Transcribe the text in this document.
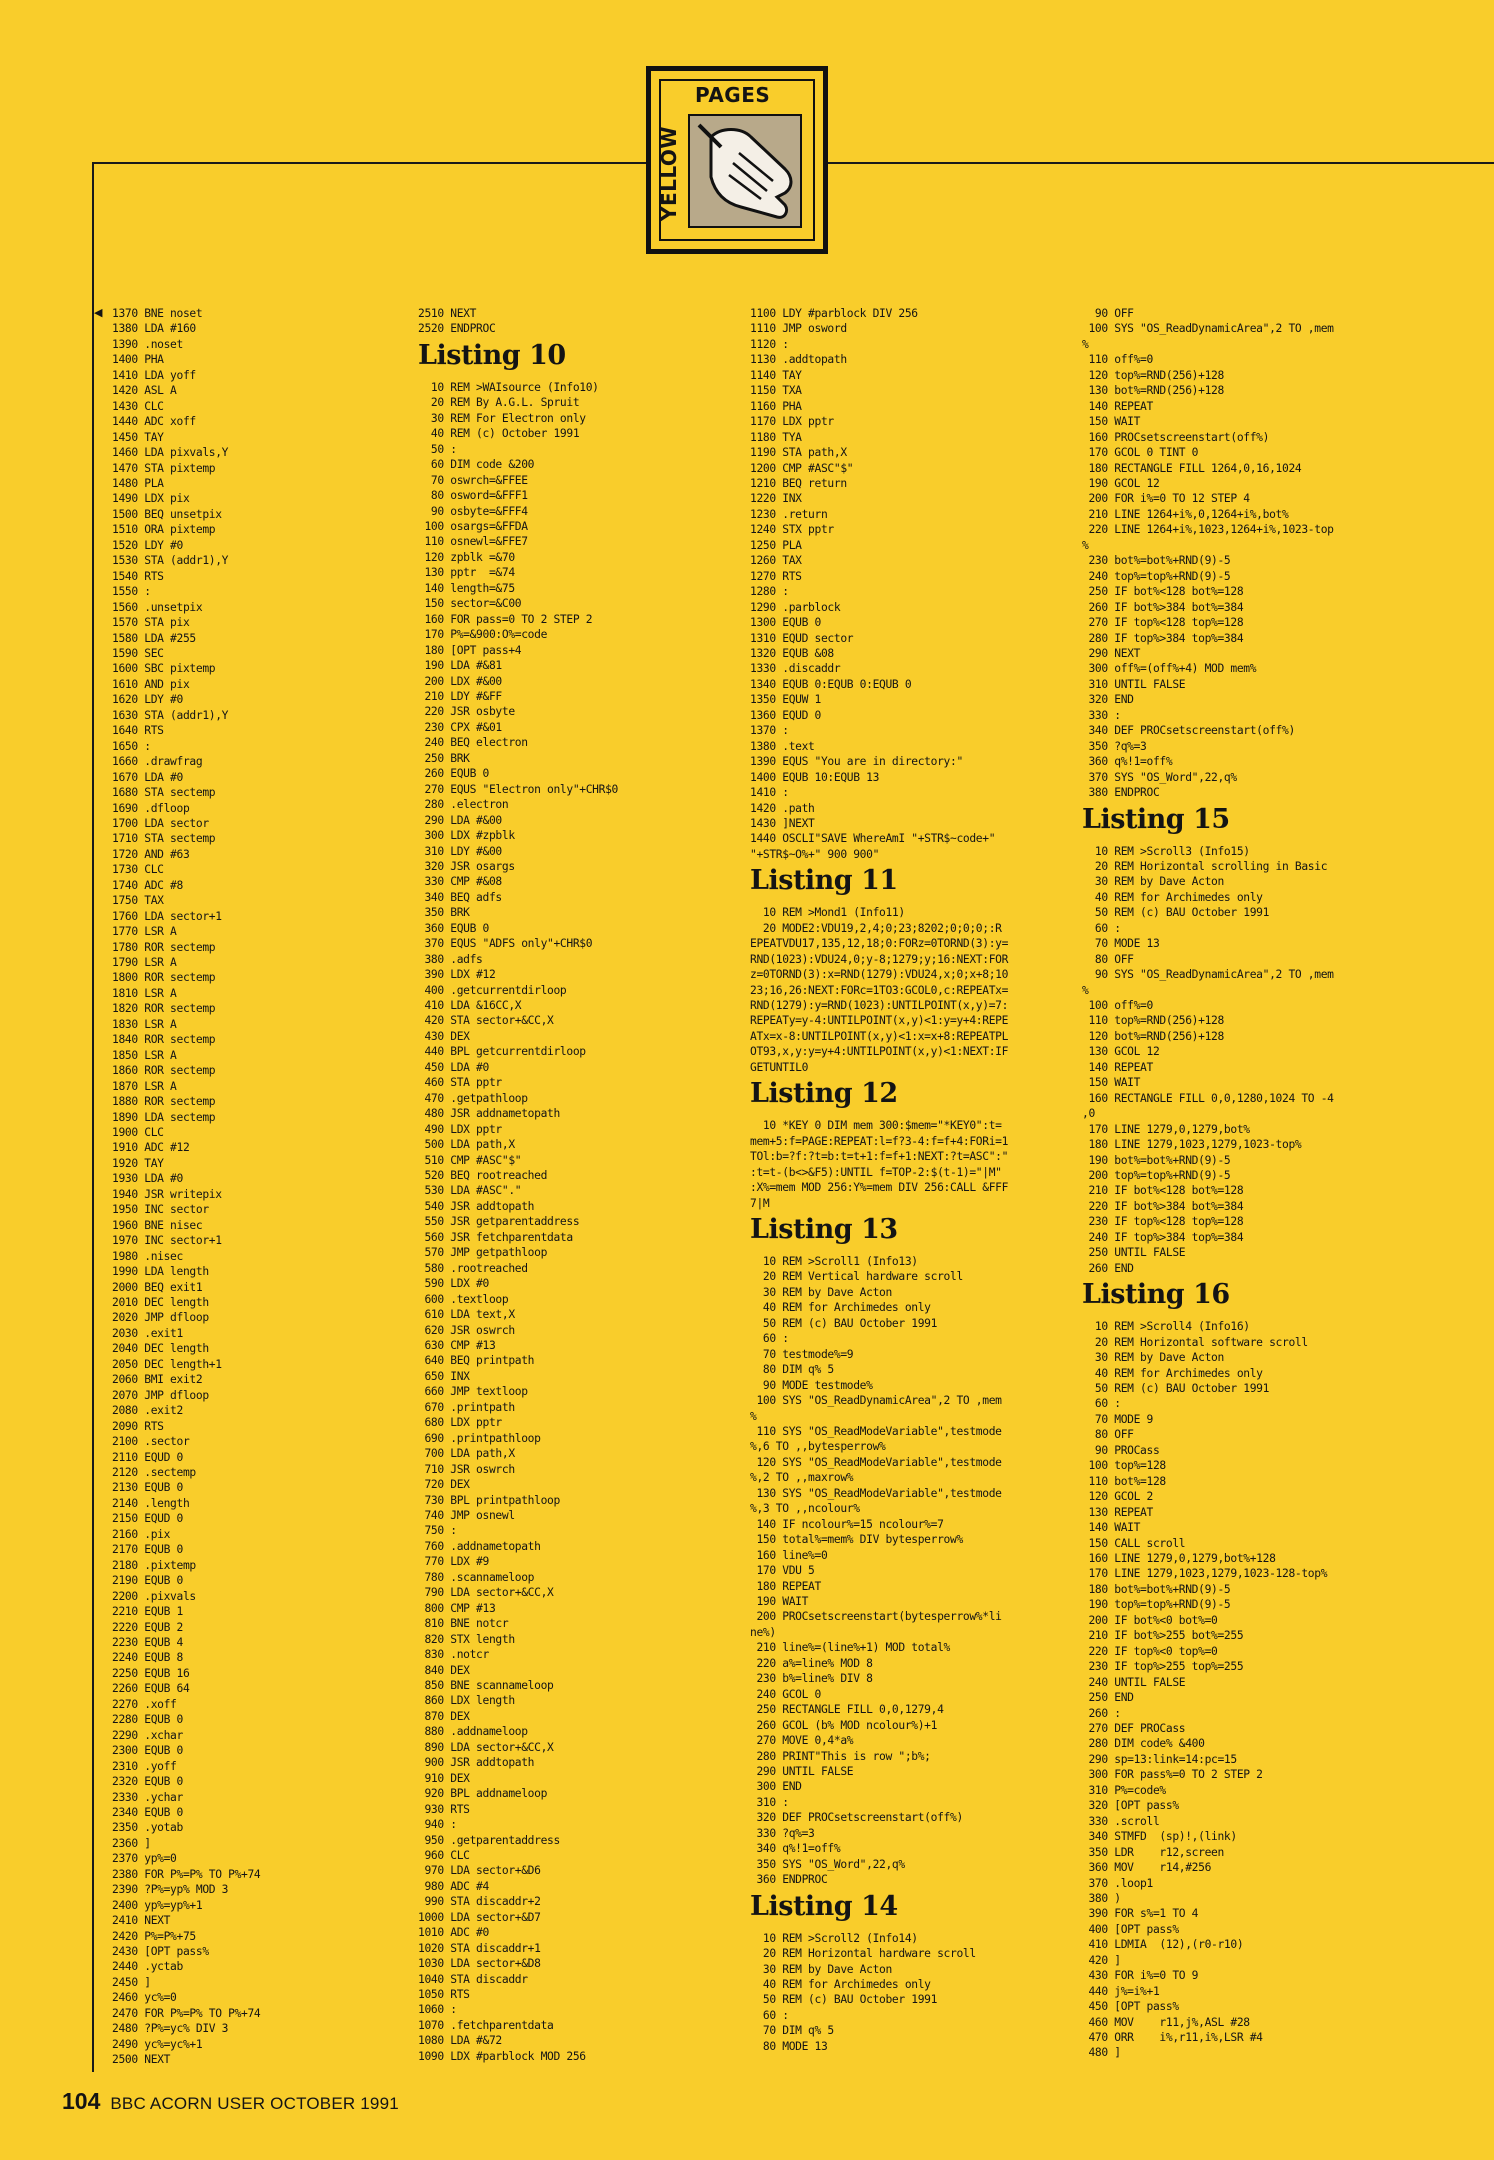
PAGES
YELLOW
◀ 1370 BNE noset
1380 LDA #160
1390 .noset
1400 PHA
1410 LDA yoff
1420 ASL A
1430 CLC
1440 ADC xoff
1450 TAY
1460 LDA pixvals,Y
1470 STA pixtemp
1480 PLA
1490 LDX pix
1500 BEQ unsetpix
1510 ORA pixtemp
1520 LDY #0
1530 STA (addr1),Y
1540 RTS
1550 :
1560 .unsetpix
1570 STA pix
1580 LDA #255
1590 SEC
1600 SBC pixtemp
1610 AND pix
1620 LDY #0
1630 STA (addr1),Y
1640 RTS
1650 :
1660 .drawfrag
1670 LDA #0
1680 STA sectemp
1690 .dfloop
1700 LDA sector
1710 STA sectemp
1720 AND #63
1730 CLC
1740 ADC #8
1750 TAX
1760 LDA sector+1
1770 LSR A
1780 ROR sectemp
1790 LSR A
1800 ROR sectemp
1810 LSR A
1820 ROR sectemp
1830 LSR A
1840 ROR sectemp
1850 LSR A
1860 ROR sectemp
1870 LSR A
1880 ROR sectemp
1890 LDA sectemp
1900 CLC
1910 ADC #12
1920 TAY
1930 LDA #0
1940 JSR writepix
1950 INC sector
1960 BNE nisec
1970 INC sector+1
1980 .nisec
1990 LDA length
2000 BEQ exit1
2010 DEC length
2020 JMP dfloop
2030 .exit1
2040 DEC length
2050 DEC length+1
2060 BMI exit2
2070 JMP dfloop
2080 .exit2
2090 RTS
2100 .sector
2110 EQUD 0
2120 .sectemp
2130 EQUB 0
2140 .length
2150 EQUD 0
2160 .pix
2170 EQUB 0
2180 .pixtemp
2190 EQUB 0
2200 .pixvals
2210 EQUB 1
2220 EQUB 2
2230 EQUB 4
2240 EQUB 8
2250 EQUB 16
2260 EQUB 64
2270 .xoff
2280 EQUB 0
2290 .xchar
2300 EQUB 0
2310 .yoff
2320 EQUB 0
2330 .ychar
2340 EQUB 0
2350 .yotab
2360 ]
2370 yp%=0
2380 FOR P%=P% TO P%+74
2390 ?P%=yp% MOD 3
2400 yp%=yp%+1
2410 NEXT
2420 P%=P%+75
2430 [OPT pass%
2440 .yctab
2450 ]
2460 yc%=0
2470 FOR P%=P% TO P%+74
2480 ?P%=yc% DIV 3
2490 yc%=yc%+1
2500 NEXT
2510 NEXT
2520 ENDPROC
Listing 10
10 REM >WAIsource (Info10)
20 REM By A.G.L. Spruit
30 REM For Electron only
40 REM (c) October 1991
50 :
60 DIM code &200
70 oswrch=&FFEE
80 osword=&FFF1
90 osbyte=&FFF4
100 osargs=&FFDA
110 osnewl=&FFE7
120 zpblk =&70
130 pptr  =&74
140 length=&75
150 sector=&C00
160 FOR pass=0 TO 2 STEP 2
170 P%=&900:O%=code
180 [OPT pass+4
190 LDA #&81
200 LDX #&00
210 LDY #&FF
220 JSR osbyte
230 CPX #&01
240 BEQ electron
250 BRK
260 EQUB 0
270 EQUS "Electron only"+CHR$0
280 .electron
290 LDA #&00
300 LDX #zpblk
310 LDY #&00
320 JSR osargs
330 CMP #&08
340 BEQ adfs
350 BRK
360 EQUB 0
370 EQUS "ADFS only"+CHR$0
380 .adfs
390 LDX #12
400 .getcurrentdirloop
410 LDA &16CC,X
420 STA sector+&CC,X
430 DEX
440 BPL getcurrentdirloop
450 LDA #0
460 STA pptr
470 .getpathloop
480 JSR addnametopath
490 LDX pptr
500 LDA path,X
510 CMP #ASC"$"
520 BEQ rootreached
530 LDA #ASC"."
540 JSR addtopath
550 JSR getparentaddress
560 JSR fetchparentdata
570 JMP getpathloop
580 .rootreached
590 LDX #0
600 .textloop
610 LDA text,X
620 JSR oswrch
630 CMP #13
640 BEQ printpath
650 INX
660 JMP textloop
670 .printpath
680 LDX pptr
690 .printpathloop
700 LDA path,X
710 JSR oswrch
720 DEX
730 BPL printpathloop
740 JMP osnewl
750 :
760 .addnametopath
770 LDX #9
780 .scannameloop
790 LDA sector+&CC,X
800 CMP #13
810 BNE notcr
820 STX length
830 .notcr
840 DEX
850 BNE scannameloop
860 LDX length
870 DEX
880 .addnameloop
890 LDA sector+&CC,X
900 JSR addtopath
910 DEX
920 BPL addnameloop
930 RTS
940 :
950 .getparentaddress
960 CLC
970 LDA sector+&D6
980 ADC #4
990 STA discaddr+2
1000 LDA sector+&D7
1010 ADC #0
1020 STA discaddr+1
1030 LDA sector+&D8
1040 STA discaddr
1050 RTS
1060 :
1070 .fetchparentdata
1080 LDA #&72
1090 LDX #parblock MOD 256
1100 LDY #parblock DIV 256
1110 JMP osword
1120 :
1130 .addtopath
1140 TAY
1150 TXA
1160 PHA
1170 LDX pptr
1180 TYA
1190 STA path,X
1200 CMP #ASC"$"
1210 BEQ return
1220 INX
1230 .return
1240 STX pptr
1250 PLA
1260 TAX
1270 RTS
1280 :
1290 .parblock
1300 EQUB 0
1310 EQUD sector
1320 EQUB &08
1330 .discaddr
1340 EQUB 0:EQUB 0:EQUB 0
1350 EQUW 1
1360 EQUD 0
1370 :
1380 .text
1390 EQUS "You are in directory:"
1400 EQUB 10:EQUB 13
1410 :
1420 .path
1430 ]NEXT
1440 OSCLI"SAVE WhereAmI "+STR$~code+"
"+STR$~O%+" 900 900"
Listing 11
10 REM >Mond1 (Info11)
20 MODE2:VDU19,2,4;0;23;8202;0;0;0;:R
EPEATVDU17,135,12,18;0:FORz=0TORND(3):y=
RND(1023):VDU24,0;y-8;1279;y;16:NEXT:FOR
z=0TORND(3):x=RND(1279):VDU24,x;0;x+8;10
23;16,26:NEXT:FORc=1TO3:GCOL0,c:REPEATx=
RND(1279):y=RND(1023):UNTILPOINT(x,y)=7:
REPEATy=y-4:UNTILPOINT(x,y)<1:y=y+4:REPE
ATx=x-8:UNTILPOINT(x,y)<1:x=x+8:REPEATPL
OT93,x,y:y=y+4:UNTILPOINT(x,y)<1:NEXT:IF
GETUNTIL0
Listing 12
10 *KEY 0 DIM mem 300:$mem="*KEY0":t=
mem+5:f=PAGE:REPEAT:l=f?3-4:f=f+4:FORi=1
TOl:b=?f:?t=b:t=t+1:f=f+1:NEXT:?t=ASC":"
:t=t-(b<>&F5):UNTIL f=TOP-2:$(t-1)="|M"
:X%=mem MOD 256:Y%=mem DIV 256:CALL &FFF
7|M
Listing 13
10 REM >Scroll1 (Info13)
20 REM Vertical hardware scroll
30 REM by Dave Acton
40 REM for Archimedes only
50 REM (c) BAU October 1991
60 :
70 testmode%=9
80 DIM q% 5
90 MODE testmode%
100 SYS "OS_ReadDynamicArea",2 TO ,mem
%
110 SYS "OS_ReadModeVariable",testmode
%,6 TO ,,bytesperrow%
120 SYS "OS_ReadModeVariable",testmode
%,2 TO ,,maxrow%
130 SYS "OS_ReadModeVariable",testmode
%,3 TO ,,ncolour%
140 IF ncolour%=15 ncolour%=7
150 total%=mem% DIV bytesperrow%
160 line%=0
170 VDU 5
180 REPEAT
190 WAIT
200 PROCsetscreenstart(bytesperrow%*li
ne%)
210 line%=(line%+1) MOD total%
220 a%=line% MOD 8
230 b%=line% DIV 8
240 GCOL 0
250 RECTANGLE FILL 0,0,1279,4
260 GCOL (b% MOD ncolour%)+1
270 MOVE 0,4*a%
280 PRINT"This is row ";b%;
290 UNTIL FALSE
300 END
310 :
320 DEF PROCsetscreenstart(off%)
330 ?q%=3
340 q%!1=off%
350 SYS "OS_Word",22,q%
360 ENDPROC
Listing 14
10 REM >Scroll2 (Info14)
20 REM Horizontal hardware scroll
30 REM by Dave Acton
40 REM for Archimedes only
50 REM (c) BAU October 1991
60 :
70 DIM q% 5
80 MODE 13
90 OFF
100 SYS "OS_ReadDynamicArea",2 TO ,mem
%
110 off%=0
120 top%=RND(256)+128
130 bot%=RND(256)+128
140 REPEAT
150 WAIT
160 PROCsetscreenstart(off%)
170 GCOL 0 TINT 0
180 RECTANGLE FILL 1264,0,16,1024
190 GCOL 12
200 FOR i%=0 TO 12 STEP 4
210 LINE 1264+i%,0,1264+i%,bot%
220 LINE 1264+i%,1023,1264+i%,1023-top
%
230 bot%=bot%+RND(9)-5
240 top%=top%+RND(9)-5
250 IF bot%<128 bot%=128
260 IF bot%>384 bot%=384
270 IF top%<128 top%=128
280 IF top%>384 top%=384
290 NEXT
300 off%=(off%+4) MOD mem%
310 UNTIL FALSE
320 END
330 :
340 DEF PROCsetscreenstart(off%)
350 ?q%=3
360 q%!1=off%
370 SYS "OS_Word",22,q%
380 ENDPROC
Listing 15
10 REM >Scroll3 (Info15)
20 REM Horizontal scrolling in Basic
30 REM by Dave Acton
40 REM for Archimedes only
50 REM (c) BAU October 1991
60 :
70 MODE 13
80 OFF
90 SYS "OS_ReadDynamicArea",2 TO ,mem
%
100 off%=0
110 top%=RND(256)+128
120 bot%=RND(256)+128
130 GCOL 12
140 REPEAT
150 WAIT
160 RECTANGLE FILL 0,0,1280,1024 TO -4
,0
170 LINE 1279,0,1279,bot%
180 LINE 1279,1023,1279,1023-top%
190 bot%=bot%+RND(9)-5
200 top%=top%+RND(9)-5
210 IF bot%<128 bot%=128
220 IF bot%>384 bot%=384
230 IF top%<128 top%=128
240 IF top%>384 top%=384
250 UNTIL FALSE
260 END
Listing 16
10 REM >Scroll4 (Info16)
20 REM Horizontal software scroll
30 REM by Dave Acton
40 REM for Archimedes only
50 REM (c) BAU October 1991
60 :
70 MODE 9
80 OFF
90 PROCass
100 top%=128
110 bot%=128
120 GCOL 2
130 REPEAT
140 WAIT
150 CALL scroll
160 LINE 1279,0,1279,bot%+128
170 LINE 1279,1023,1279,1023-128-top%
180 bot%=bot%+RND(9)-5
190 top%=top%+RND(9)-5
200 IF bot%<0 bot%=0
210 IF bot%>255 bot%=255
220 IF top%<0 top%=0
230 IF top%>255 top%=255
240 UNTIL FALSE
250 END
260 :
270 DEF PROCass
280 DIM code% &400
290 sp=13:link=14:pc=15
300 FOR pass%=0 TO 2 STEP 2
310 P%=code%
320 [OPT pass%
330 .scroll
340 STMFD  (sp)!,(link)
350 LDR    r12,screen
360 MOV    r14,#256
370 .loop1
380 )
390 FOR s%=1 TO 4
400 [OPT pass%
410 LDMIA  (12),(r0-r10)
420 ]
430 FOR i%=0 TO 9
440 j%=i%+1
450 [OPT pass%
460 MOV    r11,j%,ASL #28
470 ORR    i%,r11,i%,LSR #4
480 ]
104 BBC ACORN USER OCTOBER 1991
